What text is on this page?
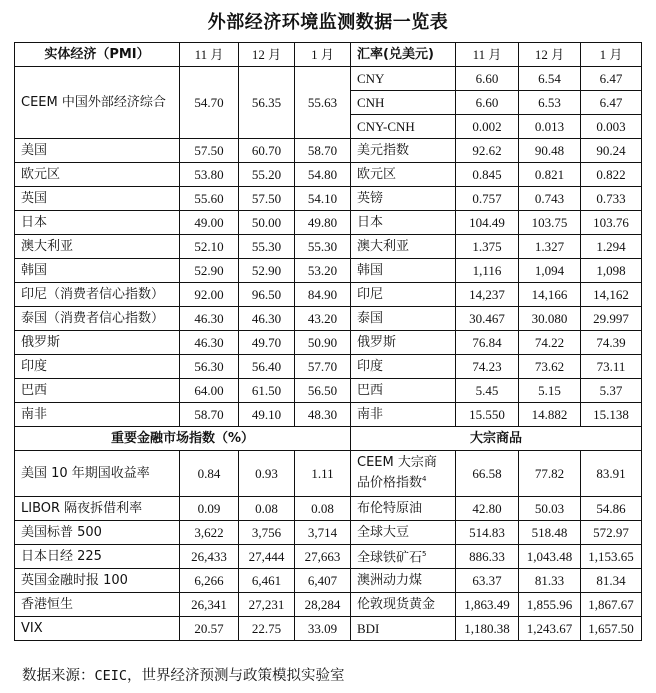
外部经济环境监测数据一览表
实体经济（PMI）	11 月	12 月	1 月	汇率(兑美元)	11 月	12 月	1 月
CEEM 中国外部经济综合	54.70	56.35	55.63	CNY	6.60	6.54	6.47
				CNH	6.60	6.53	6.47
				CNY-CNH	0.002	0.013	0.003
美国	57.50	60.70	58.70	美元指数	92.62	90.48	90.24
欧元区	53.80	55.20	54.80	欧元区	0.845	0.821	0.822
英国	55.60	57.50	54.10	英镑	0.757	0.743	0.733
日本	49.00	50.00	49.80	日本	104.49	103.75	103.76
澳大利亚	52.10	55.30	55.30	澳大利亚	1.375	1.327	1.294
韩国	52.90	52.90	53.20	韩国	1,116	1,094	1,098
印尼（消费者信心指数）	92.00	96.50	84.90	印尼	14,237	14,166	14,162
泰国（消费者信心指数）	46.30	46.30	43.20	泰国	30.467	30.080	29.997
俄罗斯	46.30	49.70	50.90	俄罗斯	76.84	74.22	74.39
印度	56.30	56.40	57.70	印度	74.23	73.62	73.11
巴西	64.00	61.50	56.50	巴西	5.45	5.15	5.37
南非	58.70	49.10	48.30	南非	15.550	14.882	15.138
重要金融市场指数（%）				大宗商品			
美国 10 年期国收益率	0.84	0.93	1.11	CEEM 大宗商品价格指数$^4$	66.58	77.82	83.91
LIBOR 隔夜拆借利率	0.09	0.08	0.08	布伦特原油	42.80	50.03	54.86
美国标普 500	3,622	3,756	3,714	全球大豆	514.83	518.48	572.97
日本日经 225	26,433	27,444	27,663	全球铁矿石$^5$	886.33	1,043.48	1,153.65
英国金融时报 100	6,266	6,461	6,407	澳洲动力煤	63.37	81.33	81.34
香港恒生	26,341	27,231	28,284	伦敦现货黄金	1,863.49	1,855.96	1,867.67
VIX	20.57	22.75	33.09	BDI	1,180.38	1,243.67	1,657.50
数据来源：CEIC，世界经济预测与政策模拟实验室
